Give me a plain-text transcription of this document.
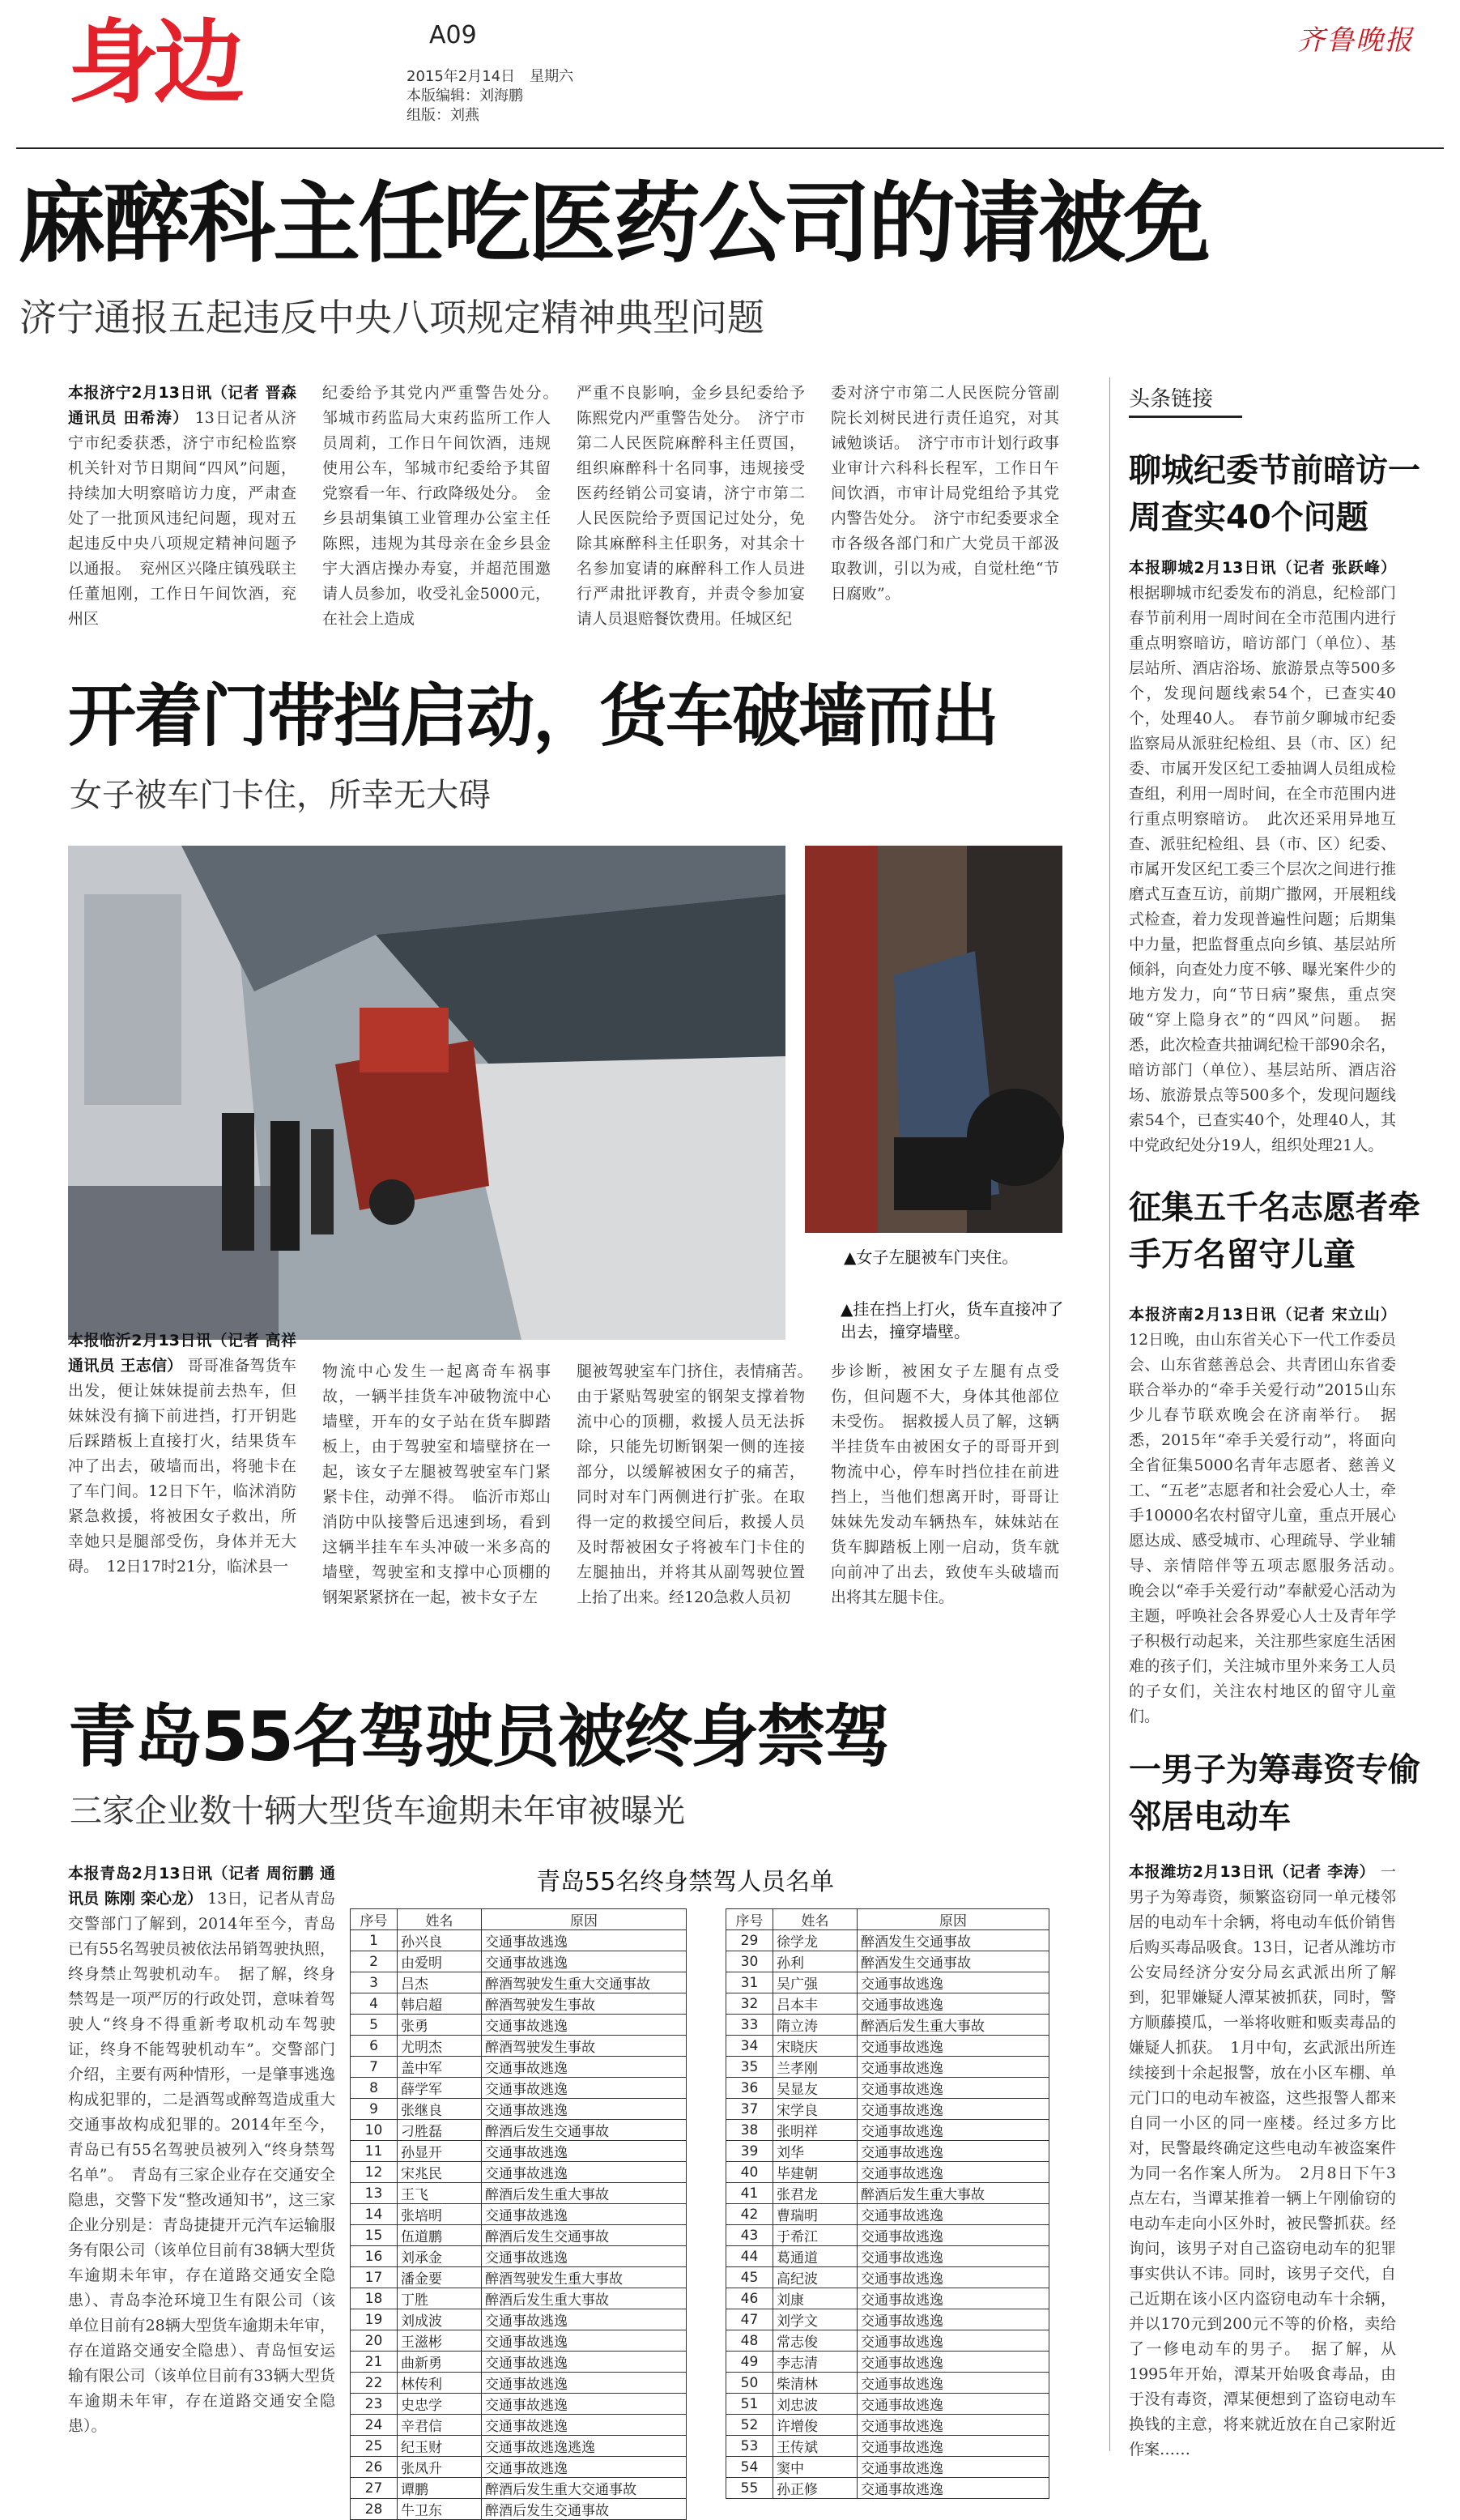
身边	A09
2015年2月14日　星期六
本版编辑：刘海鹏
组版：刘燕
齐鲁晚报
麻醉科主任吃医药公司的请被免
济宁通报五起违反中央八项规定精神典型问题
本报济宁2月13日讯（记者 晋森 通讯员 田希涛） 13日记者从济宁市纪委获悉，济宁市纪检监察机关针对节日期间“四风”问题，持续加大明察暗访力度，严肃查处了一批顶风违纪问题，现对五起违反中央八项规定精神问题予以通报。　兖州区兴隆庄镇残联主任董旭刚，工作日午间饮酒，兖州区
纪委给予其党内严重警告处分。　邹城市药监局大束药监所工作人员周莉，工作日午间饮酒，违规使用公车，邹城市纪委给予其留党察看一年、行政降级处分。　金乡县胡集镇工业管理办公室主任陈熙，违规为其母亲在金乡县金宇大酒店操办寿宴，并超范围邀请人员参加，收受礼金5000元，在社会上造成
严重不良影响，金乡县纪委给予陈熙党内严重警告处分。　济宁市第二人民医院麻醉科主任贾国，组织麻醉科十名同事，违规接受医药经销公司宴请，济宁市第二人民医院给予贾国记过处分，免除其麻醉科主任职务，对其余十名参加宴请的麻醉科工作人员进行严肃批评教育，并责令参加宴请人员退赔餐饮费用。任城区纪
委对济宁市第二人民医院分管副院长刘树民进行责任追究，对其诫勉谈话。　济宁市市计划行政事业审计六科科长程军，工作日午间饮酒，市审计局党组给予其党内警告处分。　济宁市纪委要求全市各级各部门和广大党员干部汲取教训，引以为戒，自觉杜绝“节日腐败”。
开着门带挡启动，货车破墙而出
女子被车门卡住，所幸无大碍
▲女子左腿被车门夹住。
▲挂在挡上打火，货车直接冲了出去，撞穿墙壁。
本报临沂2月13日讯（记者 高祥 通讯员 王志信） 哥哥准备驾货车出发，便让妹妹提前去热车，但妹妹没有摘下前进挡，打开钥匙后踩踏板上直接打火，结果货车冲了出去，破墙而出，将驰卡在了车门间。12日下午，临沭消防紧急救援，将被困女子救出，所幸她只是腿部受伤，身体并无大碍。　12日17时21分，临沭县一
物流中心发生一起离奇车祸事故，一辆半挂货车冲破物流中心墙壁，开车的女子站在货车脚踏板上，由于驾驶室和墙壁挤在一起，该女子左腿被驾驶室车门紧紧卡住，动弹不得。　临沂市郑山消防中队接警后迅速到场，看到这辆半挂车车头冲破一米多高的墙壁，驾驶室和支撑中心顶棚的钢架紧紧挤在一起，被卡女子左
腿被驾驶室车门挤住，表情痛苦。　由于紧贴驾驶室的钢架支撑着物流中心的顶棚，救援人员无法拆除，只能先切断钢架一侧的连接部分，以缓解被困女子的痛苦，同时对车门两侧进行扩张。在取得一定的救援空间后，救援人员及时帮被困女子将被车门卡住的左腿抽出，并将其从副驾驶位置上抬了出来。经120急救人员初
步诊断，被困女子左腿有点受伤，但问题不大，身体其他部位未受伤。　据救援人员了解，这辆半挂货车由被困女子的哥哥开到物流中心，停车时挡位挂在前进挡上，当他们想离开时，哥哥让妹妹先发动车辆热车，妹妹站在货车脚踏板上刚一启动，货车就向前冲了出去，致使车头破墙而出将其左腿卡住。
青岛55名驾驶员被终身禁驾
三家企业数十辆大型货车逾期未年审被曝光
本报青岛2月13日讯（记者 周衍鹏 通讯员 陈刚 栾心龙） 13日，记者从青岛交警部门了解到，2014年至今，青岛已有55名驾驶员被依法吊销驾驶执照，终身禁止驾驶机动车。　据了解，终身禁驾是一项严厉的行政处罚，意味着驾驶人“终身不得重新考取机动车驾驶证，终身不能驾驶机动车”。交警部门介绍，主要有两种情形，一是肇事逃逸构成犯罪的，二是酒驾或醉驾造成重大交通事故构成犯罪的。2014年至今，青岛已有55名驾驶员被列入“终身禁驾名单”。　青岛有三家企业存在交通安全隐患，交警下发“整改通知书”，这三家企业分别是：青岛捷捷开元汽车运输服务有限公司（该单位目前有38辆大型货车逾期未年审，存在道路交通安全隐患）、青岛李沧环境卫生有限公司（该单位目前有28辆大型货车逾期未年审，存在道路交通安全隐患）、青岛恒安运输有限公司（该单位目前有33辆大型货车逾期未年审，存在道路交通安全隐患）。
青岛55名终身禁驾人员名单
序号	姓名	原因
1	孙兴良	交通事故逃逸
2	由爱明	交通事故逃逸
3	吕杰	醉酒驾驶发生重大交通事故
4	韩启超	醉酒驾驶发生事故
5	张勇	交通事故逃逸
6	尤明杰	醉酒驾驶发生事故
7	盖中军	交通事故逃逸
8	薛学军	交通事故逃逸
9	张继良	交通事故逃逸
10	刁胜磊	醉酒后发生交通事故
11	孙显开	交通事故逃逸
12	宋兆民	交通事故逃逸
13	王飞	醉酒后发生重大事故
14	张培明	交通事故逃逸
15	伍道鹏	醉酒后发生交通事故
16	刘承金	交通事故逃逸
17	潘金要	醉酒驾驶发生重大事故
18	丁胜	醉酒后发生重大事故
19	刘成波	交通事故逃逸
20	王滋彬	交通事故逃逸
21	曲新勇	交通事故逃逸
22	林传利	交通事故逃逸
23	史忠学	交通事故逃逸
24	辛君信	交通事故逃逸
25	纪玉财	交通事故逃逸逃逸
26	张凤升	交通事故逃逸
27	谭鹏	醉酒后发生重大交通事故
28	牛卫东	醉酒后发生交通事故
序号	姓名	原因
29	徐学龙	醉酒发生交通事故
30	孙利	醉酒发生交通事故
31	吴广强	交通事故逃逸
32	吕本丰	交通事故逃逸
33	隋立涛	醉酒后发生重大事故
34	宋晓庆	交通事故逃逸
35	兰孝刚	交通事故逃逸
36	吴显友	交通事故逃逸
37	宋学良	交通事故逃逸
38	张明祥	交通事故逃逸
39	刘华	交通事故逃逸
40	毕建朝	交通事故逃逸
41	张君龙	醉酒后发生重大事故
42	曹瑞明	交通事故逃逸
43	于希江	交通事故逃逸
44	葛通道	交通事故逃逸
45	高纪波	交通事故逃逸
46	刘康	交通事故逃逸
47	刘学文	交通事故逃逸
48	常志俊	交通事故逃逸
49	李志清	交通事故逃逸
50	柴清林	交通事故逃逸
51	刘忠波	交通事故逃逸
52	许增俊	交通事故逃逸
53	王传斌	交通事故逃逸
54	窦中	交通事故逃逸
55	孙正修	交通事故逃逸
头条链接
聊城纪委节前暗访一周查实40个问题
本报聊城2月13日讯（记者 张跃峰） 根据聊城市纪委发布的消息，纪检部门春节前利用一周时间在全市范围内进行重点明察暗访，暗访部门（单位）、基层站所、酒店浴场、旅游景点等500多个，发现问题线索54个，已查实40个，处理40人。　春节前夕聊城市纪委监察局从派驻纪检组、县（市、区）纪委、市属开发区纪工委抽调人员组成检查组，利用一周时间，在全市范围内进行重点明察暗访。　此次还采用异地互查、派驻纪检组、县（市、区）纪委、市属开发区纪工委三个层次之间进行推磨式互查互访，前期广撒网，开展粗线式检查，着力发现普遍性问题；后期集中力量，把监督重点向乡镇、基层站所倾斜，向查处力度不够、曝光案件少的地方发力，向“节日病”聚焦，重点突破“穿上隐身衣”的“四风”问题。　据悉，此次检查共抽调纪检干部90余名，暗访部门（单位）、基层站所、酒店浴场、旅游景点等500多个，发现问题线索54个，已查实40个，处理40人，其中党政纪处分19人，组织处理21人。
征集五千名志愿者牵手万名留守儿童
本报济南2月13日讯（记者 宋立山） 12日晚，由山东省关心下一代工作委员会、山东省慈善总会、共青团山东省委联合举办的“牵手关爱行动”2015山东少儿春节联欢晚会在济南举行。　据悉，2015年“牵手关爱行动”，将面向全省征集5000名青年志愿者、慈善义工、“五老”志愿者和社会爱心人士，牵手10000名农村留守儿童，重点开展心愿达成、感受城市、心理疏导、学业辅导、亲情陪伴等五项志愿服务活动。　晚会以“牵手关爱行动”奉献爱心活动为主题，呼唤社会各界爱心人士及青年学子积极行动起来，关注那些家庭生活困难的孩子们，关注城市里外来务工人员的子女们，关注农村地区的留守儿童们。
一男子为筹毒资专偷邻居电动车
本报潍坊2月13日讯（记者 李涛） 一男子为筹毒资，频繁盗窃同一单元楼邻居的电动车十余辆，将电动车低价销售后购买毒品吸食。13日，记者从潍坊市公安局经济分安分局玄武派出所了解到，犯罪嫌疑人潭某被抓获，同时，警方顺藤摸瓜，一举将收赃和贩卖毒品的嫌疑人抓获。　1月中旬，玄武派出所连续接到十余起报警，放在小区车棚、单元门口的电动车被盗，这些报警人都来自同一小区的同一座楼。经过多方比对，民警最终确定这些电动车被盗案件为同一名作案人所为。　2月8日下午3点左右，当谭某推着一辆上午刚偷窃的电动车走向小区外时，被民警抓获。经询问，该男子对自己盗窃电动车的犯罪事实供认不讳。同时，该男子交代，自己近期在该小区内盗窃电动车十余辆，并以170元到200元不等的价格，卖给了一修电动车的男子。　据了解，从1995年开始，潭某开始吸食毒品，由于没有毒资，潭某便想到了盗窃电动车换钱的主意，将来就近放在自己家附近作案……
